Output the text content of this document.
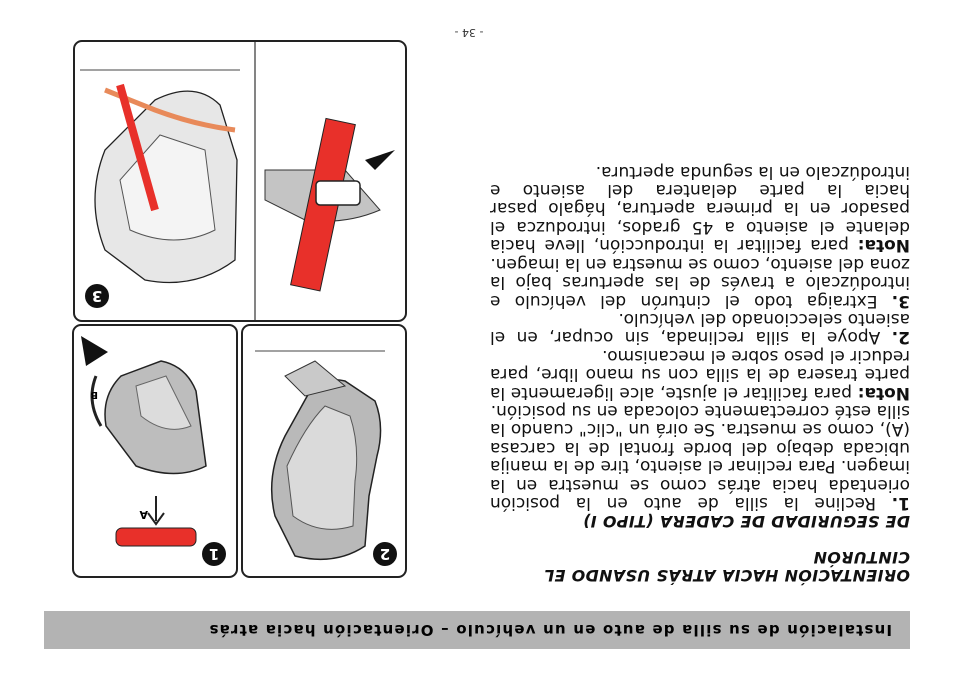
Instalación de su silla de auto en un vehículo – Orientación hacia atrás

ORIENTACIÓN HACIA ATRÁS USANDO EL CINTURÓN

DE SEGURIDAD DE CADERA (TIPO I)

1. Recline la silla de auto en la posición orientada hacia atrás como se muestra en la imagen. Para reclinar el asiento, tire de la manija ubicada debajo del borde frontal de la carcasa (A), como se muestra. Se oirá un "clic" cuando la silla esté correctamente colocada en su posición.

Nota: para facilitar el ajuste, alce ligeramente la parte trasera de la silla con su mano libre, para reducir el peso sobre el mecanismo.

2. Apoye la silla reclinada, sin ocupar, en el asiento seleccionado del vehículo.

3. Extraiga todo el cinturón del vehículo e introdúzcalo a través de las aperturas bajo la zona del asiento, como se muestra en la imagen.

Nota: para facilitar la introducción, lleve hacia delante el asiento a 45 grados, introduzca el pasador en la primera apertura, hágalo pasar hacia la parte delantera del asiento e introdúzcalo en la segunda apertura.

- 34 -
2
A
B
1
3
